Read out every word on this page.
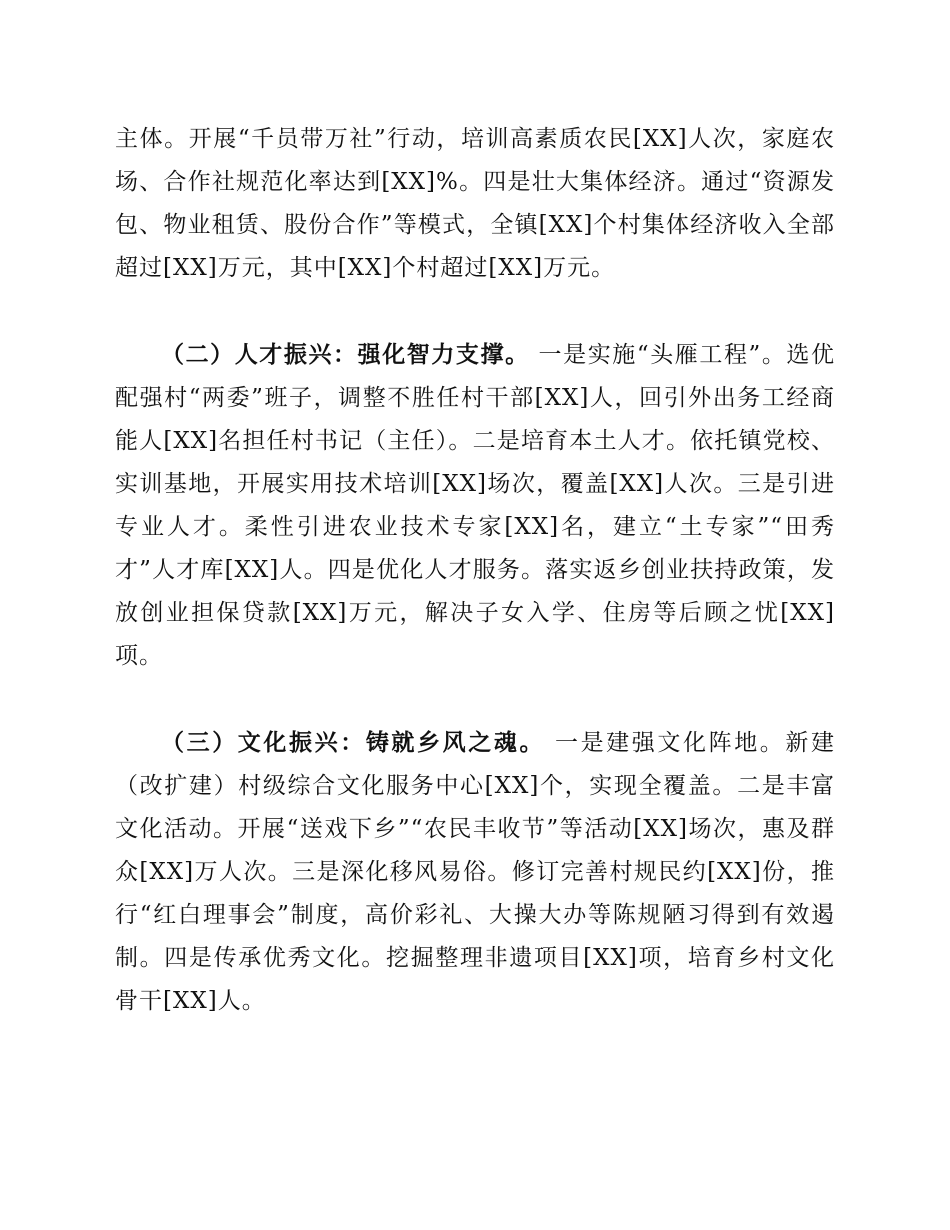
主体。开展“千员带万社”行动，培训高素质农民[XX]人次，家庭农场、合作社规范化率达到[XX]%。四是壮大集体经济。通过“资源发包、物业租赁、股份合作”等模式，全镇[XX]个村集体经济收入全部超过[XX]万元，其中[XX]个村超过[XX]万元。

（二）人才振兴：强化智力支撑。 一是实施“头雁工程”。选优配强村“两委”班子，调整不胜任村干部[XX]人，回引外出务工经商能人[XX]名担任村书记（主任）。二是培育本土人才。依托镇党校、实训基地，开展实用技术培训[XX]场次，覆盖[XX]人次。三是引进专业人才。柔性引进农业技术专家[XX]名，建立“土专家”“田秀才”人才库[XX]人。四是优化人才服务。落实返乡创业扶持政策，发放创业担保贷款[XX]万元，解决子女入学、住房等后顾之忧[XX]项。

（三）文化振兴：铸就乡风之魂。 一是建强文化阵地。新建（改扩建）村级综合文化服务中心[XX]个，实现全覆盖。二是丰富文化活动。开展“送戏下乡”“农民丰收节”等活动[XX]场次，惠及群众[XX]万人次。三是深化移风易俗。修订完善村规民约[XX]份，推行“红白理事会”制度，高价彩礼、大操大办等陈规陋习得到有效遏制。四是传承优秀文化。挖掘整理非遗项目[XX]项，培育乡村文化骨干[XX]人。
